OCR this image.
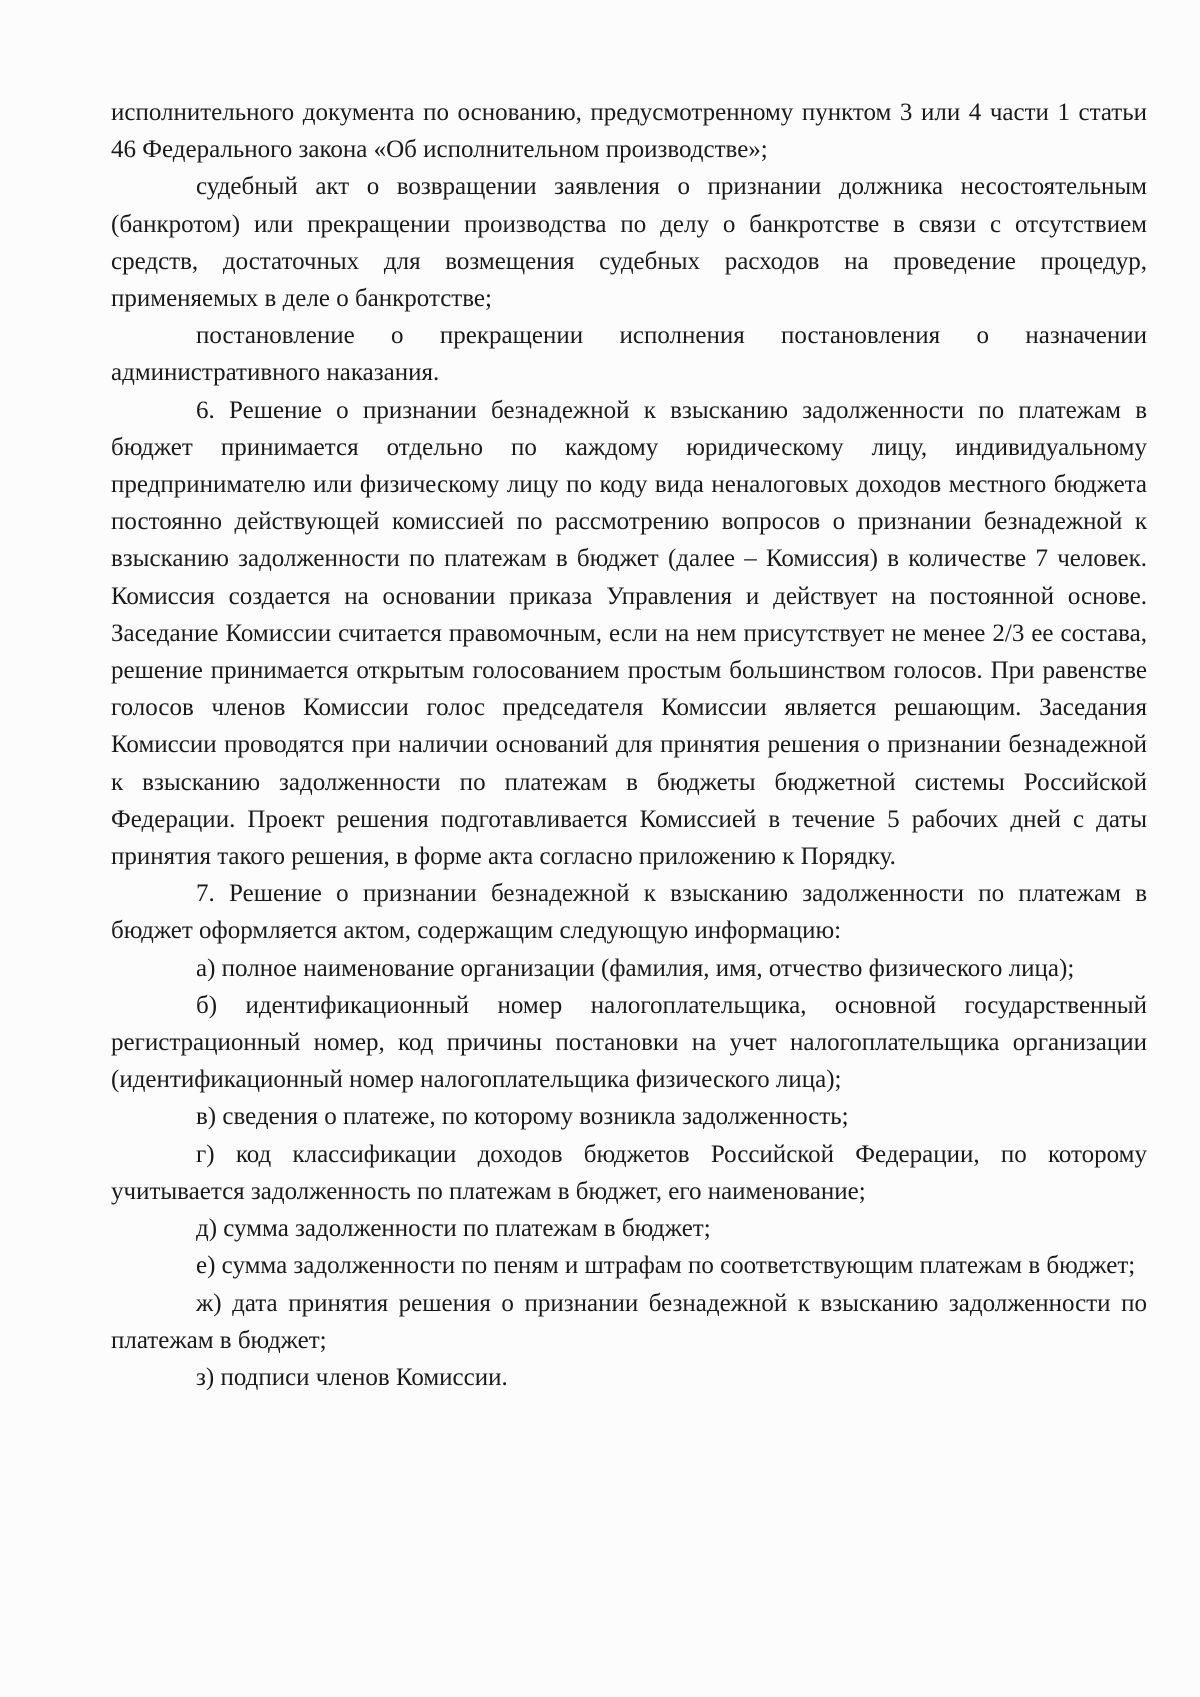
исполнительного документа по основанию, предусмотренному пунктом 3 или 4 части 1 статьи 46 Федерального закона «Об исполнительном производстве»;

судебный акт о возвращении заявления о признании должника несостоятельным (банкротом) или прекращении производства по делу о банкротстве в связи с отсутствием средств, достаточных для возмещения судебных расходов на проведение процедур, применяемых в деле о банкротстве;

постановление о прекращении исполнения постановления о назначении административного наказания.

6. Решение о признании безнадежной к взысканию задолженности по платежам в бюджет принимается отдельно по каждому юридическому лицу, индивидуальному предпринимателю или физическому лицу по коду вида неналоговых доходов местного бюджета постоянно действующей комиссией по рассмотрению вопросов о признании безнадежной к взысканию задолженности по платежам в бюджет (далее – Комиссия) в количестве 7 человек. Комиссия создается на основании приказа Управления и действует на постоянной основе. Заседание Комиссии считается правомочным, если на нем присутствует не менее 2/3 ее состава, решение принимается открытым голосованием простым большинством голосов. При равенстве голосов членов Комиссии голос председателя Комиссии является решающим. Заседания Комиссии проводятся при наличии оснований для принятия решения о признании безнадежной к взысканию задолженности по платежам в бюджеты бюджетной системы Российской Федерации. Проект решения подготавливается Комиссией в течение 5 рабочих дней с даты принятия такого решения, в форме акта согласно приложению к Порядку.

7. Решение о признании безнадежной к взысканию задолженности по платежам в бюджет оформляется актом, содержащим следующую информацию:

а) полное наименование организации (фамилия, имя, отчество физического лица);

б) идентификационный номер налогоплательщика, основной государственный регистрационный номер, код причины постановки на учет налогоплательщика организации (идентификационный номер налогоплательщика физического лица);

в) сведения о платеже, по которому возникла задолженность;

г) код классификации доходов бюджетов Российской Федерации, по которому учитывается задолженность по платежам в бюджет, его наименование;

д) сумма задолженности по платежам в бюджет;

е) сумма задолженности по пеням и штрафам по соответствующим платежам в бюджет;

ж) дата принятия решения о признании безнадежной к взысканию задолженности по платежам в бюджет;

з) подписи членов Комиссии.
